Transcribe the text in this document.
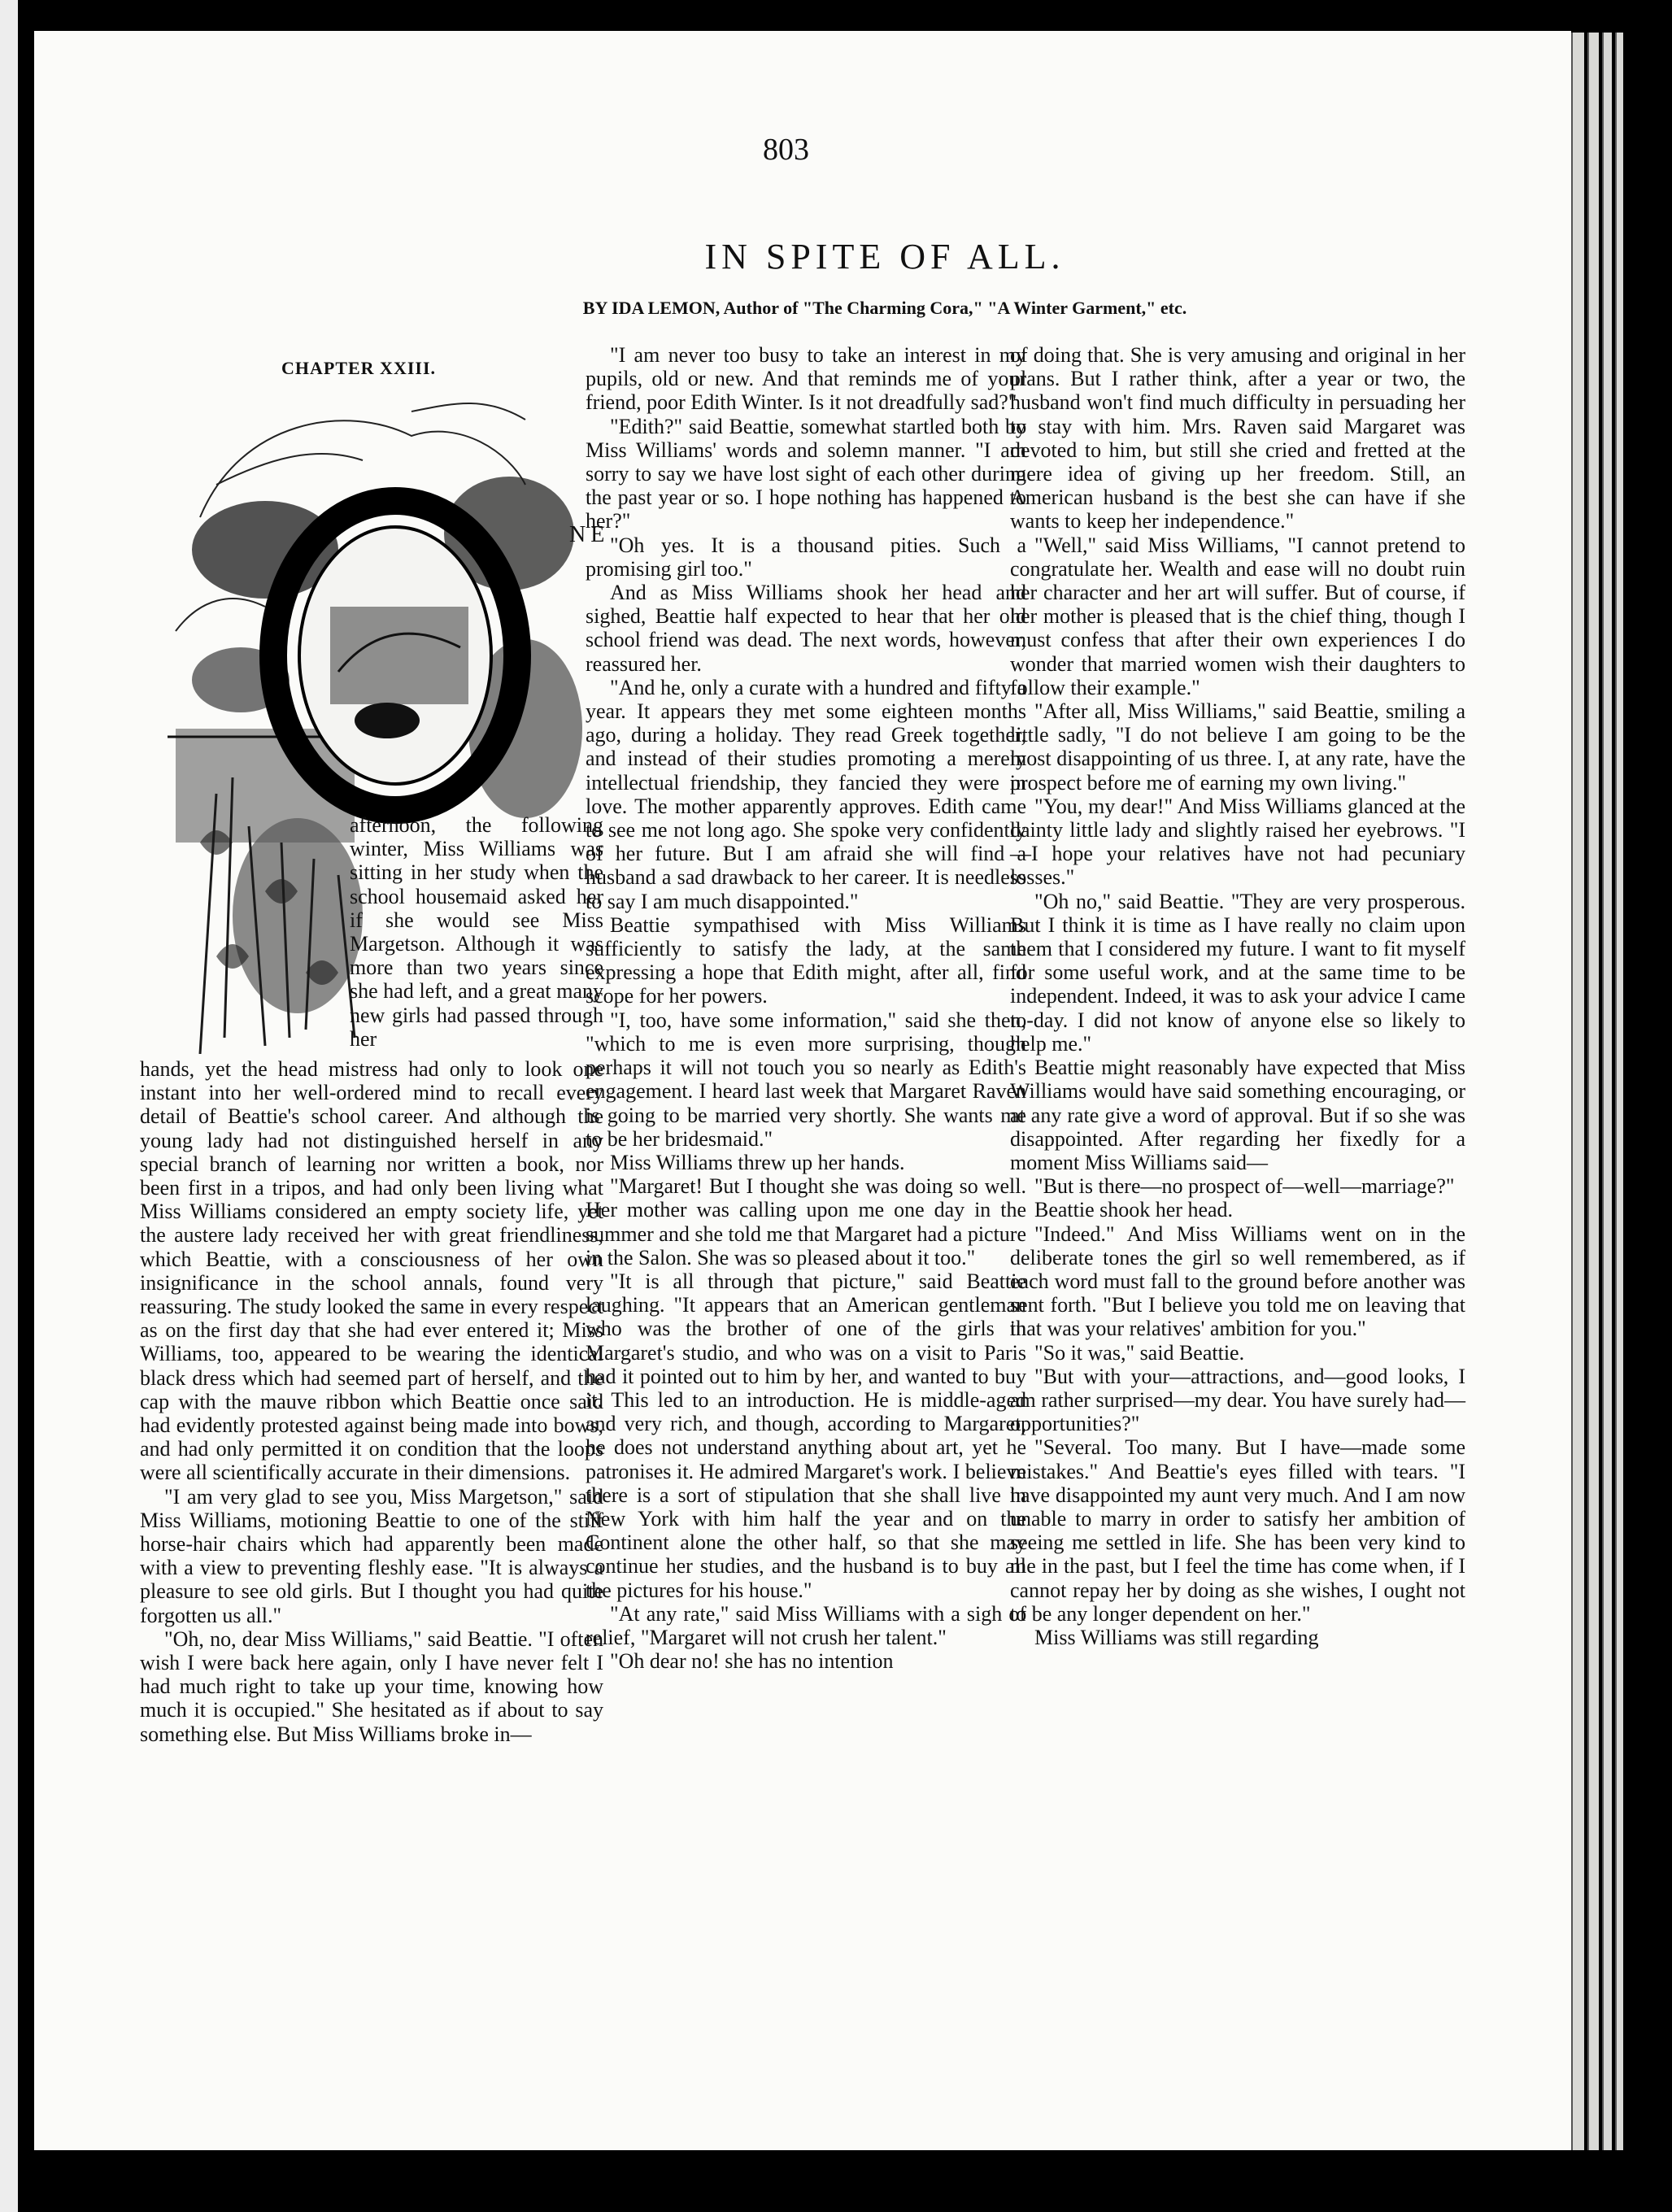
803
IN SPITE OF ALL.
BY IDA LEMON, Author of "The Charming Cora," "A Winter Garment," etc.
CHAPTER XXIII.
NE

afternoon, the following winter, Miss Williams was sitting in her study when the school housemaid asked her if she would see Miss Margetson. Although it was more than two years since she had left, and a great many new girls had passed through her

hands, yet the head mistress had only to look one instant into her well-ordered mind to recall every detail of Beattie's school career. And although the young lady had not distinguished herself in any special branch of learning nor written a book, nor been first in a tripos, and had only been living what Miss Williams considered an empty society life, yet the austere lady received her with great friendliness, which Beattie, with a consciousness of her own insignificance in the school annals, found very reassuring. The study looked the same in every respect as on the first day that she had ever entered it; Miss Williams, too, appeared to be wearing the identical black dress which had seemed part of herself, and the cap with the mauve ribbon which Beattie once said had evidently protested against being made into bows, and had only permitted it on condition that the loops were all scientifically accurate in their dimensions.

"I am very glad to see you, Miss Margetson," said Miss Williams, motioning Beattie to one of the stiff horse-hair chairs which had apparently been made with a view to preventing fleshly ease. "It is always a pleasure to see old girls. But I thought you had quite forgotten us all."

"Oh, no, dear Miss Williams," said Beattie. "I often wish I were back here again, only I have never felt I had much right to take up your time, knowing how much it is occupied." She hesitated as if about to say something else. But Miss Williams broke in—

"I am never too busy to take an interest in my pupils, old or new. And that reminds me of your friend, poor Edith Winter. Is it not dreadfully sad?"

"Edith?" said Beattie, somewhat startled both by Miss Williams' words and solemn manner. "I am sorry to say we have lost sight of each other during the past year or so. I hope nothing has happened to her?"

"Oh yes. It is a thousand pities. Such a promising girl too."

And as Miss Williams shook her head and sighed, Beattie half expected to hear that her old school friend was dead. The next words, however, reassured her.

"And he, only a curate with a hundred and fifty a year. It appears they met some eighteen months ago, during a holiday. They read Greek together, and instead of their studies promoting a merely intellectual friendship, they fancied they were in love. The mother apparently approves. Edith came to see me not long ago. She spoke very confidently of her future. But I am afraid she will find a husband a sad drawback to her career. It is needless to say I am much disappointed."

Beattie sympathised with Miss Williams sufficiently to satisfy the lady, at the same expressing a hope that Edith might, after all, find scope for her powers.

"I, too, have some information," said she then, "which to me is even more surprising, though perhaps it will not touch you so nearly as Edith's engagement. I heard last week that Margaret Raven is going to be married very shortly. She wants me to be her bridesmaid."

Miss Williams threw up her hands.

"Margaret! But I thought she was doing so well. Her mother was calling upon me one day in the summer and she told me that Margaret had a picture in the Salon. She was so pleased about it too."

"It is all through that picture," said Beattie laughing. "It appears that an American gentleman who was the brother of one of the girls in Margaret's studio, and who was on a visit to Paris had it pointed out to him by her, and wanted to buy it. This led to an introduction. He is middle-aged and very rich, and though, according to Margaret, he does not understand anything about art, yet he patronises it. He admired Margaret's work. I believe there is a sort of stipulation that she shall live in New York with him half the year and on the Continent alone the other half, so that she may continue her studies, and the husband is to buy all the pictures for his house."

"At any rate," said Miss Williams with a sigh of relief, "Margaret will not crush her talent."

"Oh dear no! she has no intention

of doing that. She is very amusing and original in her plans. But I rather think, after a year or two, the husband won't find much difficulty in persuading her to stay with him. Mrs. Raven said Margaret was devoted to him, but still she cried and fretted at the mere idea of giving up her freedom. Still, an American husband is the best she can have if she wants to keep her independence."

"Well," said Miss Williams, "I cannot pretend to congratulate her. Wealth and ease will no doubt ruin her character and her art will suffer. But of course, if her mother is pleased that is the chief thing, though I must confess that after their own experiences I do wonder that married women wish their daughters to follow their example."

"After all, Miss Williams," said Beattie, smiling a little sadly, "I do not believe I am going to be the most disappointing of us three. I, at any rate, have the prospect before me of earning my own living."

"You, my dear!" And Miss Williams glanced at the dainty little lady and slightly raised her eyebrows. "I—I hope your relatives have not had pecuniary losses."

"Oh no," said Beattie. "They are very prosperous. But I think it is time as I have really no claim upon them that I considered my future. I want to fit myself for some useful work, and at the same time to be independent. Indeed, it was to ask your advice I came to-day. I did not know of anyone else so likely to help me."

Beattie might reasonably have expected that Miss Williams would have said something encouraging, or at any rate give a word of approval. But if so she was disappointed. After regarding her fixedly for a moment Miss Williams said—

"But is there—no prospect of—well—marriage?"

Beattie shook her head.

"Indeed." And Miss Williams went on in the deliberate tones the girl so well remembered, as if each word must fall to the ground before another was sent forth. "But I believe you told me on leaving that that was your relatives' ambition for you."

"So it was," said Beattie.

"But with your—attractions, and—good looks, I am rather surprised—my dear. You have surely had—opportunities?"

"Several. Too many. But I have—made some mistakes." And Beattie's eyes filled with tears. "I have disappointed my aunt very much. And I am now unable to marry in order to satisfy her ambition of seeing me settled in life. She has been very kind to me in the past, but I feel the time has come when, if I cannot repay her by doing as she wishes, I ought not to be any longer dependent on her."

Miss Williams was still regarding
